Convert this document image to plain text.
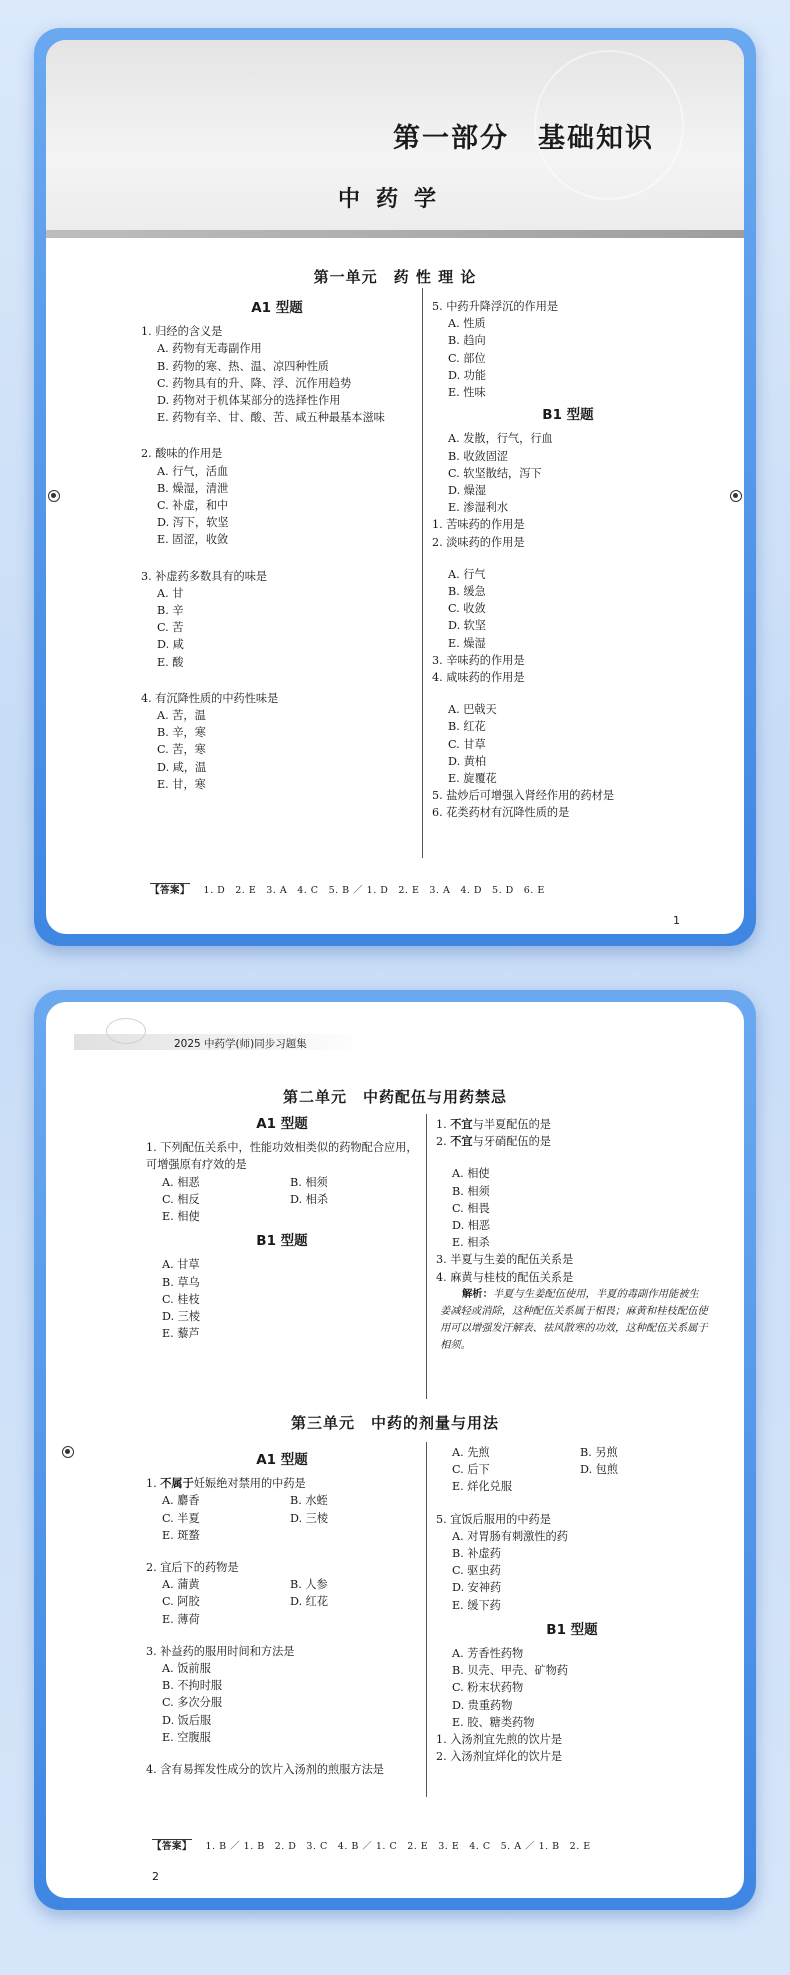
第一部分　基础知识
中药学
第一单元　药 性 理 论
A1 型题
1. 归经的含义是
A. 药物有无毒副作用
B. 药物的寒、热、温、凉四种性质
C. 药物具有的升、降、浮、沉作用趋势
D. 药物对于机体某部分的选择性作用
E. 药物有辛、甘、酸、苦、咸五种最基本滋味
2. 酸味的作用是
A. 行气，活血
B. 燥湿，清泄
C. 补虚，和中
D. 泻下，软坚
E. 固涩，收敛
3. 补虚药多数具有的味是
A. 甘
B. 辛
C. 苦
D. 咸
E. 酸
4. 有沉降性质的中药性味是
A. 苦，温
B. 辛，寒
C. 苦，寒
D. 咸，温
E. 甘，寒
5. 中药升降浮沉的作用是
A. 性质
B. 趋向
C. 部位
D. 功能
E. 性味
B1 型题
A. 发散，行气，行血
B. 收敛固涩
C. 软坚散结，泻下
D. 燥湿
E. 渗湿利水
1. 苦味药的作用是
2. 淡味药的作用是
A. 行气
B. 缓急
C. 收敛
D. 软坚
E. 燥湿
3. 辛味药的作用是
4. 咸味药的作用是
A. 巴戟天
B. 红花
C. 甘草
D. 黄柏
E. 旋覆花
5. 盐炒后可增强入肾经作用的药材是
6. 花类药材有沉降性质的是
【答案】 1. D　2. E　3. A　4. C　5. B ／ 1. D　2. E　3. A　4. D　5. D　6. E
1
2025 中药学(师)同步习题集
第二单元　中药配伍与用药禁忌
A1 型题
1. 下列配伍关系中，性能功效相类似的药物配合应用，可增强原有疗效的是
A. 相恶	B. 相须
C. 相反	D. 相杀
E. 相使
B1 型题
A. 甘草
B. 草乌
C. 桂枝
D. 三棱
E. 藜芦
1. 不宜与半夏配伍的是
2. 不宜与牙硝配伍的是
A. 相使
B. 相须
C. 相畏
D. 相恶
E. 相杀
3. 半夏与生姜的配伍关系是
4. 麻黄与桂枝的配伍关系是
解析：半夏与生姜配伍使用，半夏的毒副作用能被生姜减轻或消除，这种配伍关系属于相畏；麻黄和桂枝配伍使用可以增强发汗解表、祛风散寒的功效，这种配伍关系属于相须。
第三单元　中药的剂量与用法
A1 型题
1. 不属于妊娠绝对禁用的中药是
A. 麝香	B. 水蛭
C. 半夏	D. 三棱
E. 斑蝥
2. 宜后下的药物是
A. 蒲黄	B. 人参
C. 阿胶	D. 红花
E. 薄荷
3. 补益药的服用时间和方法是
A. 饭前服
B. 不拘时服
C. 多次分服
D. 饭后服
E. 空腹服
4. 含有易挥发性成分的饮片入汤剂的煎服方法是
A. 先煎	B. 另煎
C. 后下	D. 包煎
E. 烊化兑服
5. 宜饭后服用的中药是
A. 对胃肠有刺激性的药
B. 补虚药
C. 驱虫药
D. 安神药
E. 缓下药
B1 型题
A. 芳香性药物
B. 贝壳、甲壳、矿物药
C. 粉末状药物
D. 贵重药物
E. 胶、糖类药物
1. 入汤剂宜先煎的饮片是
2. 入汤剂宜烊化的饮片是
【答案】 1. B ／ 1. B　2. D　3. C　4. B ／ 1. C　2. E　3. E　4. C　5. A ／ 1. B　2. E
2
